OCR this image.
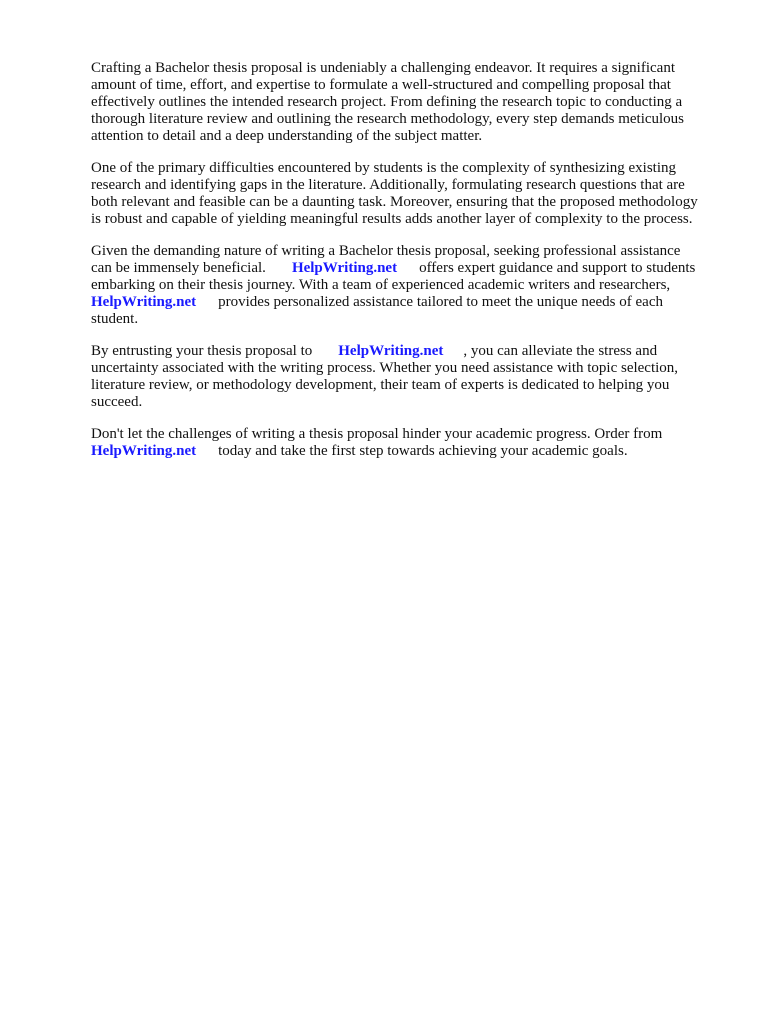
Crafting a Bachelor thesis proposal is undeniably a challenging endeavor. It requires a significant

amount of time, effort, and expertise to formulate a well-structured and compelling proposal that

effectively outlines the intended research project. From defining the research topic to conducting a

thorough literature review and outlining the research methodology, every step demands meticulous

attention to detail and a deep understanding of the subject matter.

One of the primary difficulties encountered by students is the complexity of synthesizing existing

research and identifying gaps in the literature. Additionally, formulating research questions that are

both relevant and feasible can be a daunting task. Moreover, ensuring that the proposed methodology

is robust and capable of yielding meaningful results adds another layer of complexity to the process.

Given the demanding nature of writing a Bachelor thesis proposal, seeking professional assistance

can be immensely beneficial. HelpWriting.net offers expert guidance and support to students

embarking on their thesis journey. With a team of experienced academic writers and researchers,

HelpWriting.net provides personalized assistance tailored to meet the unique needs of each

student.

By entrusting your thesis proposal to HelpWriting.net , you can alleviate the stress and

uncertainty associated with the writing process. Whether you need assistance with topic selection,

literature review, or methodology development, their team of experts is dedicated to helping you

succeed.

Don't let the challenges of writing a thesis proposal hinder your academic progress. Order from

HelpWriting.net today and take the first step towards achieving your academic goals.
